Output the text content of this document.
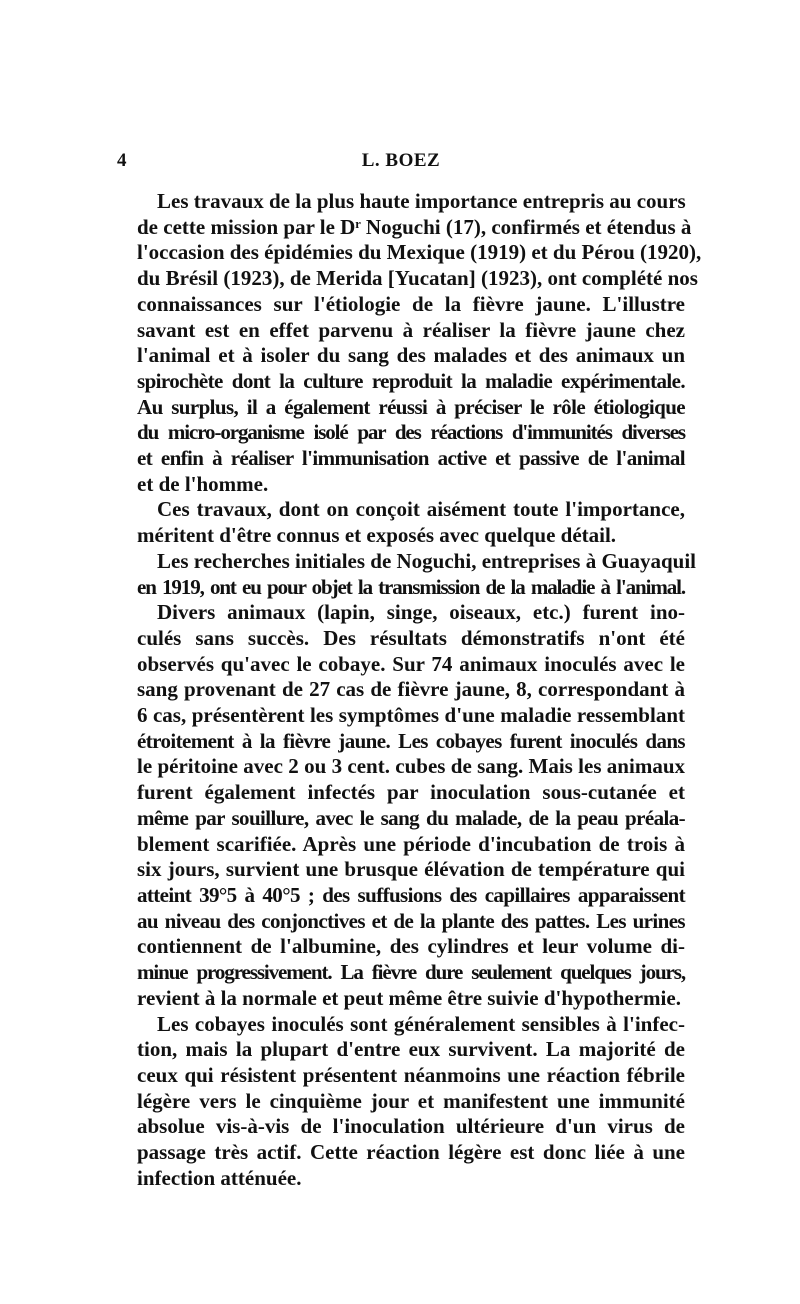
4	L. BOEZ
Les travaux de la plus haute importance entrepris au cours
de cette mission par le Dʳ Noguchi (17), confirmés et étendus à
l'occasion des épidémies du Mexique (1919) et du Pérou (1920),
du Brésil (1923), de Merida [Yucatan] (1923), ont complété nos
connaissances sur l'étiologie de la fièvre jaune. L'illustre
savant est en effet parvenu à réaliser la fièvre jaune chez
l'animal et à isoler du sang des malades et des animaux un
spirochète dont la culture reproduit la maladie expérimentale.
Au surplus, il a également réussi à préciser le rôle étiologique
du micro-organisme isolé par des réactions d'immunités diverses
et enfin à réaliser l'immunisation active et passive de l'animal
et de l'homme.
Ces travaux, dont on conçoit aisément toute l'importance,
méritent d'être connus et exposés avec quelque détail.
Les recherches initiales de Noguchi, entreprises à Guayaquil
en 1919, ont eu pour objet la transmission de la maladie à l'animal.
Divers animaux (lapin, singe, oiseaux, etc.) furent ino-
culés sans succès. Des résultats démonstratifs n'ont été
observés qu'avec le cobaye. Sur 74 animaux inoculés avec le
sang provenant de 27 cas de fièvre jaune, 8, correspondant à
6 cas, présentèrent les symptômes d'une maladie ressemblant
étroitement à la fièvre jaune. Les cobayes furent inoculés dans
le péritoine avec 2 ou 3 cent. cubes de sang. Mais les animaux
furent également infectés par inoculation sous-cutanée et
même par souillure, avec le sang du malade, de la peau préala-
blement scarifiée. Après une période d'incubation de trois à
six jours, survient une brusque élévation de température qui
atteint 39°5 à 40°5 ; des suffusions des capillaires apparaissent
au niveau des conjonctives et de la plante des pattes. Les urines
contiennent de l'albumine, des cylindres et leur volume di-
minue progressivement. La fièvre dure seulement quelques jours,
revient à la normale et peut même être suivie d'hypothermie.
Les cobayes inoculés sont généralement sensibles à l'infec-
tion, mais la plupart d'entre eux survivent. La majorité de
ceux qui résistent présentent néanmoins une réaction fébrile
légère vers le cinquième jour et manifestent une immunité
absolue vis-à-vis de l'inoculation ultérieure d'un virus de
passage très actif. Cette réaction légère est donc liée à une
infection atténuée.
